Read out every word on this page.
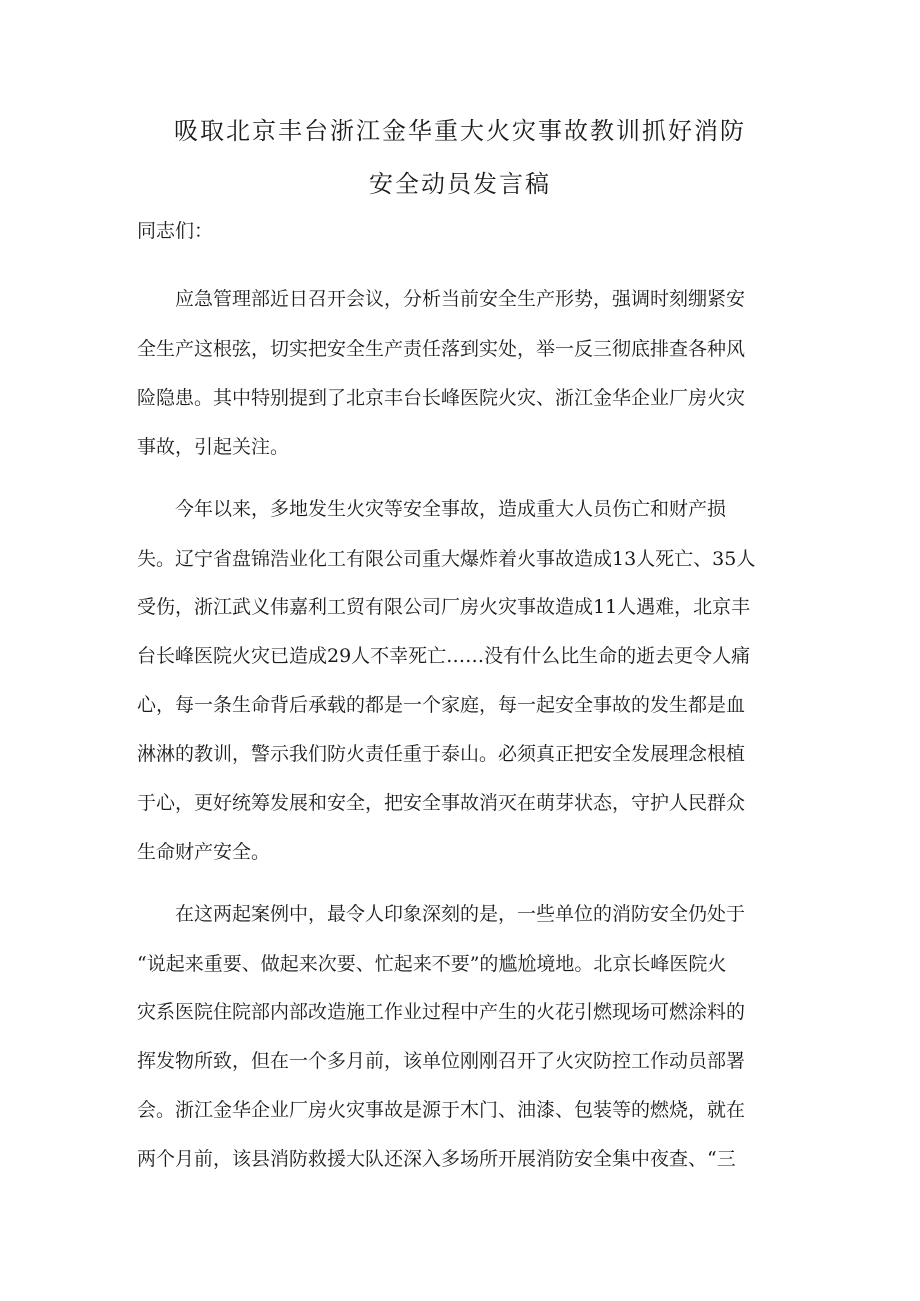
吸取北京丰台浙江金华重大火灾事故教训抓好消防
安全动员发言稿

同志们：

应急管理部近日召开会议，分析当前安全生产形势，强调时刻绷紧安

全生产这根弦，切实把安全生产责任落到实处，举一反三彻底排查各种风

险隐患。其中特别提到了北京丰台长峰医院火灾、浙江金华企业厂房火灾

事故，引起关注。

今年以来，多地发生火灾等安全事故，造成重大人员伤亡和财产损

失。辽宁省盘锦浩业化工有限公司重大爆炸着火事故造成13人死亡、35人

受伤，浙江武义伟嘉利工贸有限公司厂房火灾事故造成11人遇难，北京丰

台长峰医院火灾已造成29人不幸死亡……没有什么比生命的逝去更令人痛

心，每一条生命背后承载的都是一个家庭，每一起安全事故的发生都是血

淋淋的教训，警示我们防火责任重于泰山。必须真正把安全发展理念根植

于心，更好统筹发展和安全，把安全事故消灭在萌芽状态，守护人民群众

生命财产安全。

在这两起案例中，最令人印象深刻的是，一些单位的消防安全仍处于

“说起来重要、做起来次要、忙起来不要”的尴尬境地。北京长峰医院火

灾系医院住院部内部改造施工作业过程中产生的火花引燃现场可燃涂料的

挥发物所致，但在一个多月前，该单位刚刚召开了火灾防控工作动员部署

会。浙江金华企业厂房火灾事故是源于木门、油漆、包装等的燃烧，就在

两个月前，该县消防救援大队还深入多场所开展消防安全集中夜查、“三
